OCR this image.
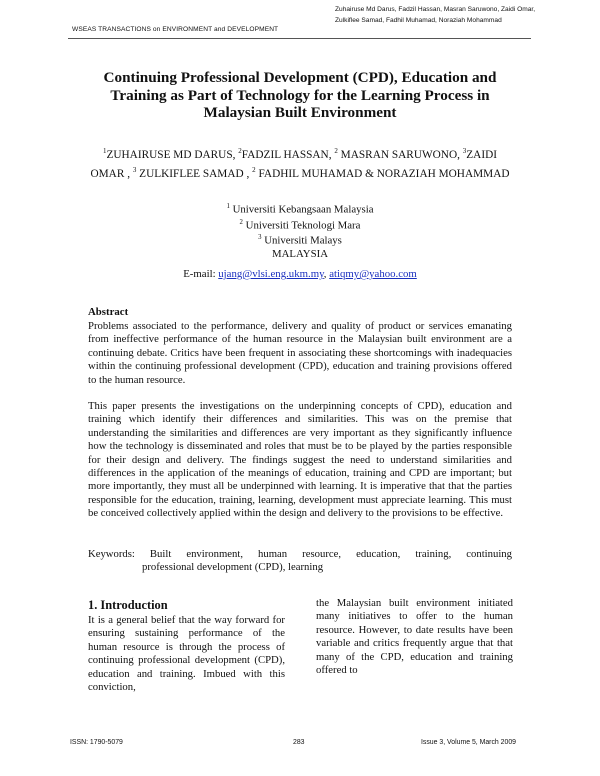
WSEAS TRANSACTIONS on ENVIRONMENT and DEVELOPMENT
Zuhairuse Md Darus, Fadzil Hassan, Masran Saruwono, Zaidi Omar, Zulkiflee Samad, Fadhil Muhamad, Noraziah Mohammad
Continuing Professional Development (CPD), Education and Training as Part of Technology for the Learning Process in Malaysian Built Environment
$^1$ZUHAIRUSE MD DARUS, $^2$FADZIL HASSAN, $^2$ MASRAN SARUWONO, $^3$ZAIDI OMAR , $^3$ ZULKIFLEE SAMAD , $^2$ FADHIL MUHAMAD & NORAZIAH MOHAMMAD
$^1$ Universiti Kebangsaan Malaysia
$^2$ Universiti Teknologi Mara
$^3$ Universiti Malays
MALAYSIA
E-mail: ujang@vlsi.eng.ukm.my, atiqmy@yahoo.com
Abstract
Problems associated to the performance, delivery and quality of product or services emanating from ineffective performance of the human resource in the Malaysian built environment are a continuing debate. Critics have been frequent in associating these shortcomings with inadequacies within the continuing professional development (CPD), education and training provisions offered to the human resource.
This paper presents the investigations on the underpinning concepts of CPD), education and training which identify their differences and similarities. This was on the premise that understanding the similarities and differences are very important as they significantly influence how the technology is disseminated and roles that must be to be played by the parties responsible for their design and delivery. The findings suggest the need to understand similarities and differences in the application of the meanings of education, training and CPD are important; but more importantly, they must all be underpinned with learning. It is imperative that that the parties responsible for the education, training, learning, development must appreciate learning. This must be conceived collectively applied within the design and delivery to the provisions to be effective.
Keywords: Built environment, human resource, education, training, continuing
professional development (CPD), learning
1. Introduction
It is a general belief that the way forward for ensuring sustaining performance of the human resource is through the process of continuing professional development (CPD), education and training. Imbued with this conviction,
the Malaysian built environment initiated many initiatives to offer to the human resource. However, to date results have been variable and critics frequently argue that that many of the CPD, education and training offered to
ISSN: 1790-5079	283	Issue 3, Volume 5, March 2009
